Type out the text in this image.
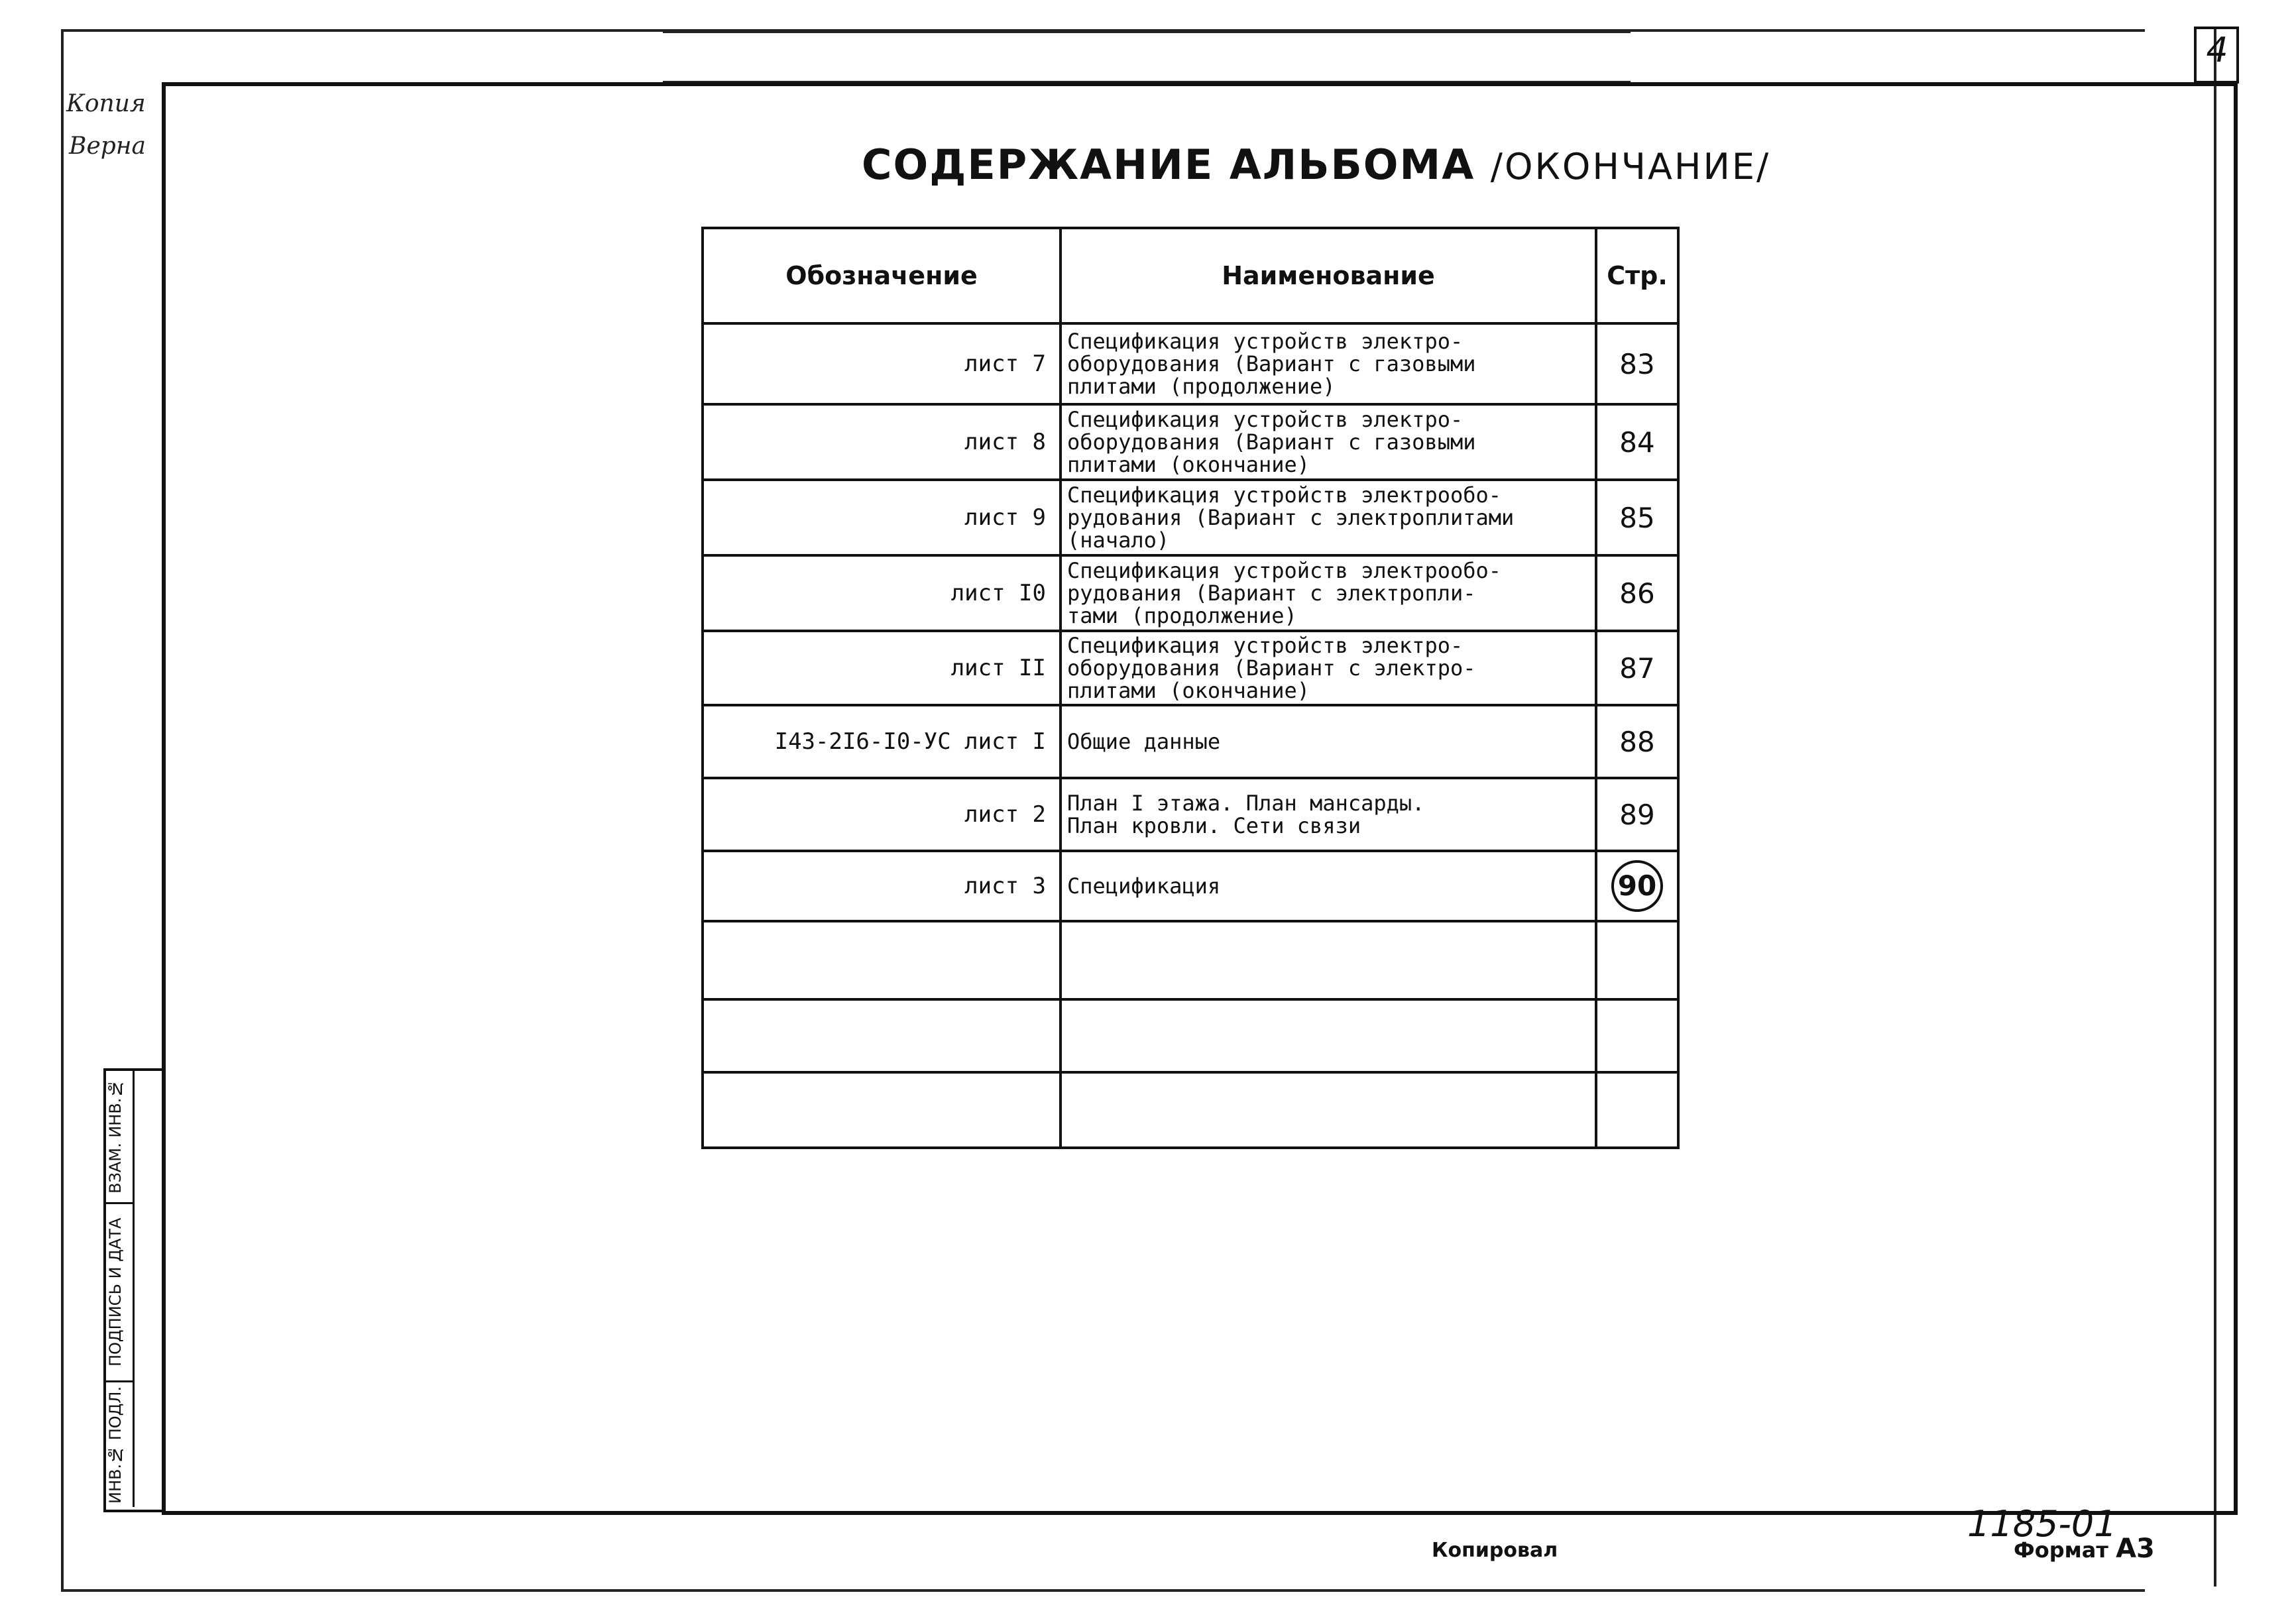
4
Копия
Верна	СОДЕРЖАНИЕ АЛЬБОМА /ОКОНЧАНИЕ/
Обозначение	Наименование	Стр.
лист 7	Спецификация устройств электро-
оборудования (Вариант с газовыми
плитами (продолжение)	83
лист 8	Спецификация устройств электро-
оборудования (Вариант с газовыми
плитами (окончание)	84
лист 9	Спецификация устройств электрообо-
рудования (Вариант с электроплитами
(начало)	85
лист I0	Спецификация устройств электрообо-
рудования (Вариант с электропли-
тами (продолжение)	86
лист II	Спецификация устройств электро-
оборудования (Вариант с электро-
плитами (окончание)	87
I43-2I6-I0-УС лист I	Общие данные	88
лист 2	План I этажа. План мансарды.
План кровли. Сети связи	89
лист 3	Спецификация	90

ВЗАМ. ИНВ.№
ПОДПИСЬ И ДАТА
ИНВ.№ ПОДЛ.
Копировал
1185-01
Формат А3
